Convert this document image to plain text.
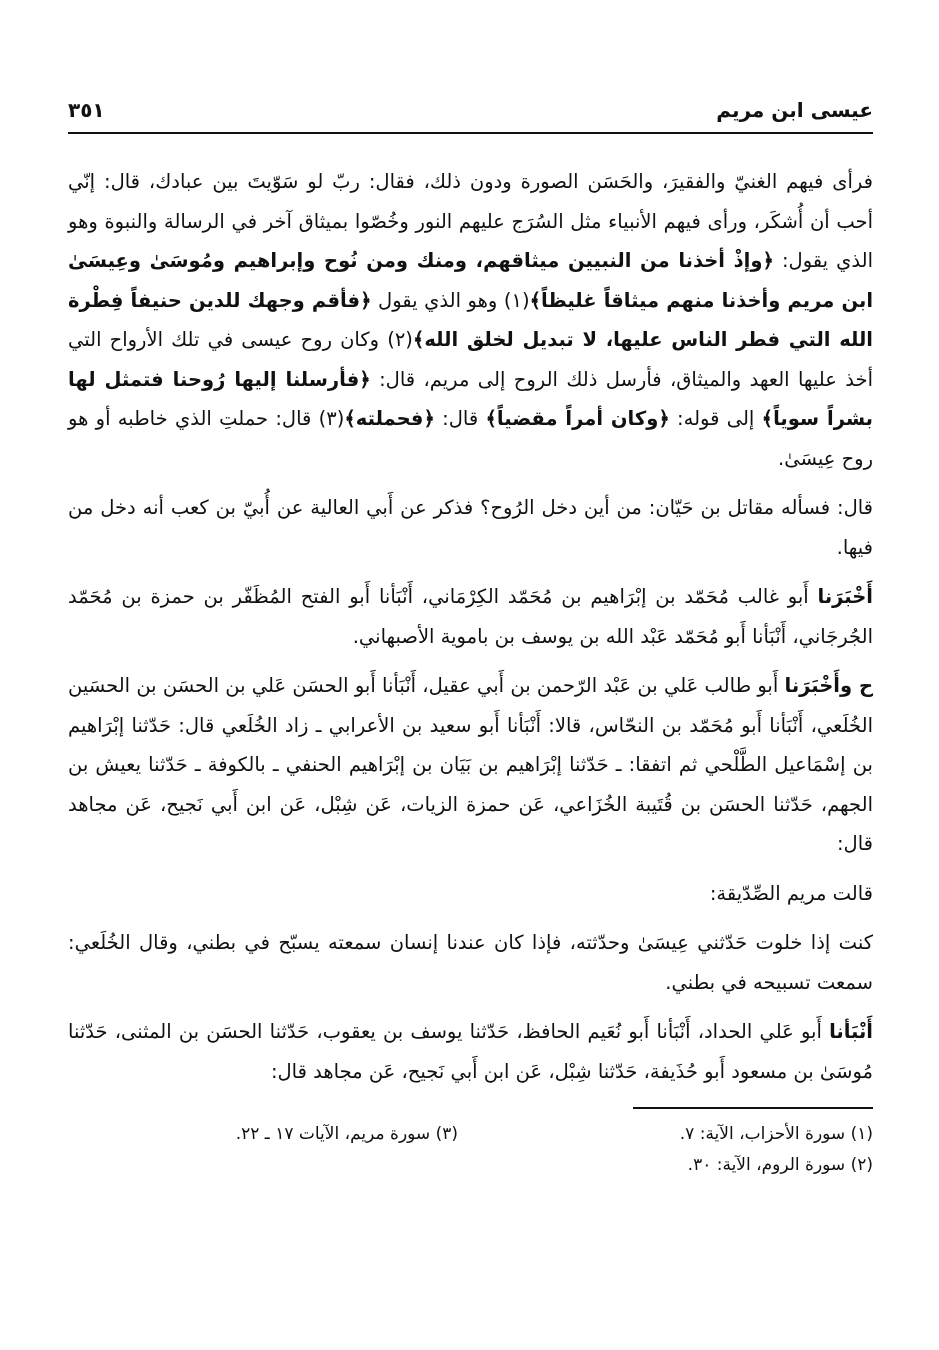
عيسى ابن مريم
٣٥١

فرأى فيهم الغنيّ والفقيرَ، والحَسَن الصورة ودون ذلك، فقال: ربّ لو سَوّيتَ بين عبادك، قال: إنّي أحب أن أُشكَر، ورأى فيهم الأنبياء مثل السُرَج عليهم النور وخُصّوا بميثاق آخر في الرسالة والنبوة وهو الذي يقول: ﴿وإذْ أخذنا من النبيين ميثاقهم، ومنك ومن نُوح وإبراهيم ومُوسَىٰ وعِيسَىٰ ابن مريم وأخذنا منهم ميثاقاً غليظاً﴾(١) وهو الذي يقول ﴿فأقم وجهك للدين حنيفاً فِطْرة الله التي فطر الناس عليها، لا تبديل لخلق الله﴾(٢) وكان روح عيسى في تلك الأرواح التي أخذ عليها العهد والميثاق، فأرسل ذلك الروح إلى مريم، قال: ﴿فأرسلنا إليها رُوحنا فتمثل لها بشراً سوياً﴾ إلى قوله: ﴿وكان أمراً مقضياً﴾ قال: ﴿فحملته﴾(٣) قال: حملتِ الذي خاطبه أو هو روح عِيسَىٰ.

قال: فسأله مقاتل بن حَيّان: من أين دخل الرُوح؟ فذكر عن أَبي العالية عن أُبيّ بن كعب أنه دخل من فيها.

أَخْبَرَنا أَبو غالب مُحَمّد بن إبْرَاهيم بن مُحَمّد الكِرْمَاني، أَنْبَأنا أَبو الفتح المُظَفّر بن حمزة بن مُحَمّد الجُرجَاني، أَنْبَأنا أَبو مُحَمّد عَبْد الله بن يوسف بن باموية الأصبهاني.

ح وأَخْبَرَنا أَبو طالب عَلي بن عَبْد الرّحمن بن أَبي عقيل، أَنْبَأنا أَبو الحسَن عَلي بن الحسَن بن الحسَين الخُلَعي، أَنْبَأنا أَبو مُحَمّد بن النحّاس، قالا: أَنْبَأنا أَبو سعيد بن الأعرابي ـ زاد الخُلَعي قال: حَدّثنا إبْرَاهيم بن إسْمَاعيل الطَّلْحي ثم اتفقا: ـ حَدّثنا إبْرَاهيم بن بَيَان بن إبْرَاهيم الحنفي ـ بالكوفة ـ حَدّثنا يعيش بن الجهم، حَدّثنا الحسَن بن قُتَيبة الخُزَاعي، عَن حمزة الزيات، عَن شِبْل، عَن ابن أَبي نَجيح، عَن مجاهد قال:

قالت مريم الصِّدّيقة:

كنت إذا خلوت حَدّثني عِيسَىٰ وحدّثته، فإذا كان عندنا إنسان سمعته يسبّح في بطني، وقال الخُلَعي: سمعت تسبيحه في بطني.

أَنْبَأنا أَبو عَلي الحداد، أَنْبَأنا أَبو نُعَيم الحافظ، حَدّثنا يوسف بن يعقوب، حَدّثنا الحسَن بن المثنى، حَدّثنا مُوسَىٰ بن مسعود أَبو حُذَيفة، حَدّثنا شِبْل، عَن ابن أَبي نَجيح، عَن مجاهد قال:

(١) سورة الأحزاب، الآية: ٧.
(٢) سورة الروم، الآية: ٣٠.
(٣) سورة مريم، الآيات ١٧ ـ ٢٢.
